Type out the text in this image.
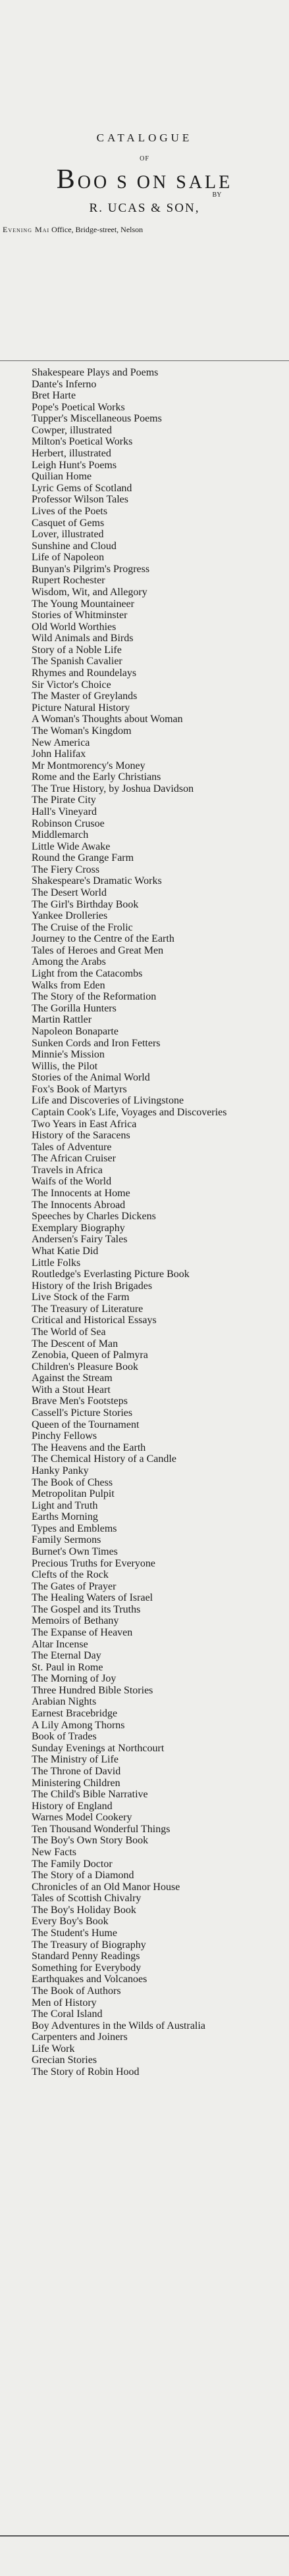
CATALOGUE
OF
BOO S ON SALE
BY
R. UCAS & SON,
Evening Mai Office, Bridge-street, Nelson
Shakespeare Plays and Poems
Dante's Inferno
Bret Harte
Pope's Poetical Works
Tupper's Miscellaneous Poems
Cowper, illustrated
Milton's Poetical Works
Herbert, illustrated
Leigh Hunt's Poems
Quilian Home
Lyric Gems of Scotland
Professor Wilson Tales
Lives of the Poets
Casquet of Gems
Lover, illustrated
Sunshine and Cloud
Life of Napoleon
Bunyan's Pilgrim's Progress
Rupert Rochester
Wisdom, Wit, and Allegory
The Young Mountaineer
Stories of Whitminster
Old World Worthies
Wild Animals and Birds
Story of a Noble Life
The Spanish Cavalier
Rhymes and Roundelays
Sir Victor's Choice
The Master of Greylands
Picture Natural History
A Woman's Thoughts about Woman
The Woman's Kingdom
New America
John Halifax
Mr Montmorency's Money
Rome and the Early Christians
The True History, by Joshua Davidson
The Pirate City
Hall's Vineyard
Robinson Crusoe
Middlemarch
Little Wide Awake
Round the Grange Farm
The Fiery Cross
Shakespeare's Dramatic Works
The Desert World
The Girl's Birthday Book
Yankee Drolleries
The Cruise of the Frolic
Journey to the Centre of the Earth
Tales of Heroes and Great Men
Among the Arabs
Light from the Catacombs
Walks from Eden
The Story of the Reformation
The Gorilla Hunters
Martin Rattler
Napoleon Bonaparte
Sunken Cords and Iron Fetters
Minnie's Mission
Willis, the Pilot
Stories of the Animal World
Fox's Book of Martyrs
Life and Discoveries of Livingstone
Captain Cook's Life, Voyages and Discoveries
Two Years in East Africa
History of the Saracens
Tales of Adventure
The African Cruiser
Travels in Africa
Waifs of the World
The Innocents at Home
The Innocents Abroad
Speeches by Charles Dickens
Exemplary Biography
Andersen's Fairy Tales
What Katie Did
Little Folks
Routledge's Everlasting Picture Book
History of the Irish Brigades
Live Stock of the Farm
The Treasury of Literature
Critical and Historical Essays
The World of Sea
The Descent of Man
Zenobia, Queen of Palmyra
Children's Pleasure Book
Against the Stream
With a Stout Heart
Brave Men's Footsteps
Cassell's Picture Stories
Queen of the Tournament
Pinchy Fellows
The Heavens and the Earth
The Chemical History of a Candle
Hanky Panky
The Book of Chess
Metropolitan Pulpit
Light and Truth
Earths Morning
Types and Emblems
Family Sermons
Burnet's Own Times
Precious Truths for Everyone
Clefts of the Rock
The Gates of Prayer
The Healing Waters of Israel
The Gospel and its Truths
Memoirs of Bethany
The Expanse of Heaven
Altar Incense
The Eternal Day
St. Paul in Rome
The Morning of Joy
Three Hundred Bible Stories
Arabian Nights
Earnest Bracebridge
A Lily Among Thorns
Book of Trades
Sunday Evenings at Northcourt
The Ministry of Life
The Throne of David
Ministering Children
The Child's Bible Narrative
History of England
Warnes Model Cookery
Ten Thousand Wonderful Things
The Boy's Own Story Book
New Facts
The Family Doctor
The Story of a Diamond
Chronicles of an Old Manor House
Tales of Scottish Chivalry
The Boy's Holiday Book
Every Boy's Book
The Student's Hume
The Treasury of Biography
Standard Penny Readings
Something for Everybody
Earthquakes and Volcanoes
The Book of Authors
Men of History
The Coral Island
Boy Adventures in the Wilds of Australia
Carpenters and Joiners
Life Work
Grecian Stories
The Story of Robin Hood
